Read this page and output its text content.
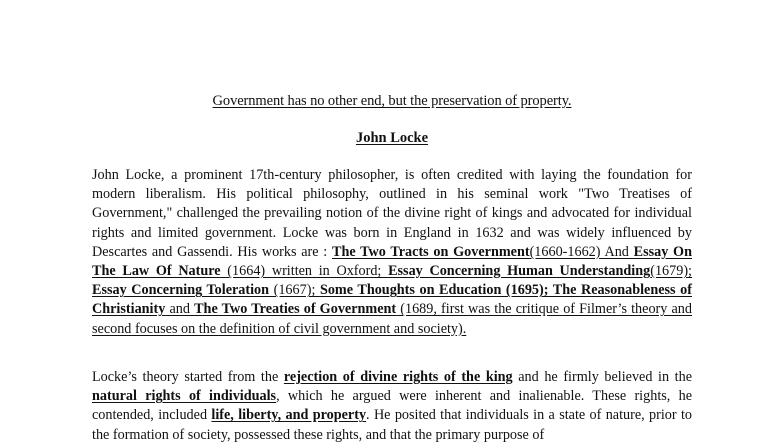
Government has no other end, but the preservation of property.
John Locke
John Locke, a prominent 17th-century philosopher, is often credited with laying the foundation for modern liberalism. His political philosophy, outlined in his seminal work "Two Treatises of Government," challenged the prevailing notion of the divine right of kings and advocated for individual rights and limited government. Locke was born in England in 1632 and was widely influenced by Descartes and Gassendi. His works are : The Two Tracts on Government(1660-1662) And Essay On The Law Of Nature (1664) written in Oxford; Essay Concerning Human Understanding(1679); Essay Concerning Toleration (1667); Some Thoughts on Education (1695); The Reasonableness of Christianity and The Two Treaties of Government (1689, first was the critique of Filmer’s theory and second focuses on the definition of civil government and society).
Locke’s theory started from the rejection of divine rights of the king and he firmly believed in the natural rights of individuals, which he argued were inherent and inalienable. These rights, he contended, included life, liberty, and property. He posited that individuals in a state of nature, prior to the formation of society, possessed these rights, and that the primary purpose of
